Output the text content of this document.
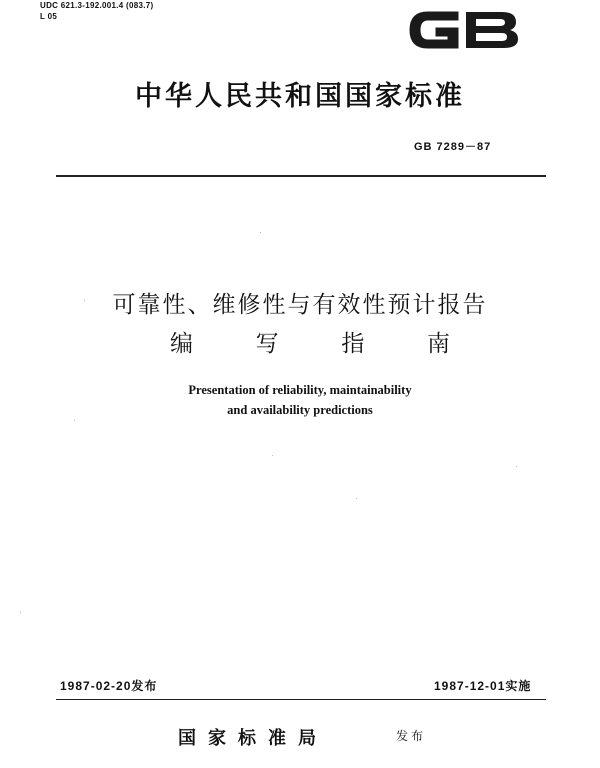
UDC 621.3-192.001.4 (083.7)
L 05
中华人民共和国国家标准
GB 7289－87
可靠性、维修性与有效性预计报告
编	写	指	南
Presentation of reliability, maintainability
and availability predictions
1987-02-20发布	1987-12-01实施
国家标准局	发布
